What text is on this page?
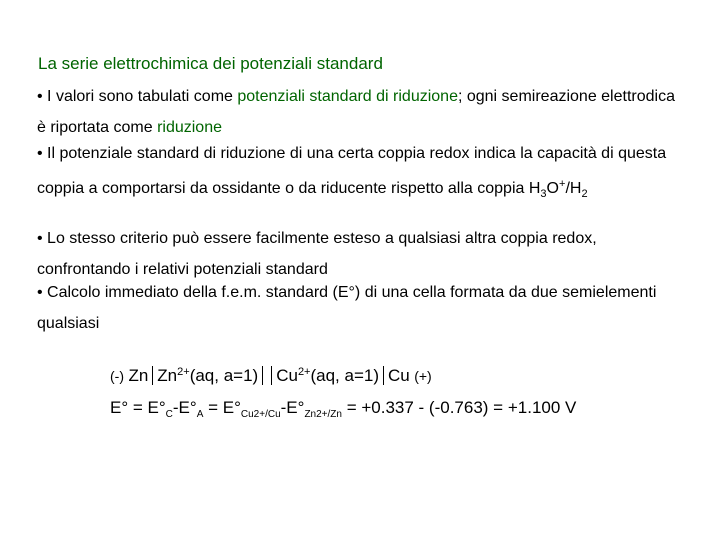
La serie elettrochimica dei potenziali standard
• I valori sono tabulati come potenziali standard di riduzione; ogni semireazione elettrodica è riportata come riduzione
• Il potenziale standard di riduzione di una certa coppia redox indica la capacità di questa coppia a comportarsi da ossidante o da riducente rispetto alla coppia $H_3O^+/H_2$
• Lo stesso criterio può essere facilmente esteso a qualsiasi altra coppia redox, confrontando i relativi potenziali standard
• Calcolo immediato della f.e.m. standard (E°) di una cella formata da due semielementi qualsiasi
(-) Zn $Zn^{2+}(aq$, a=1) $Cu^{2+}(aq$, a=1) Cu (+)
$E^\circ = E^\circ_C-E^\circ_A = E^\circ_{Cu2+/Cu}-E^\circ_{Zn2+/Zn} = +0.337 - (-0.763) = +1.100$ V
